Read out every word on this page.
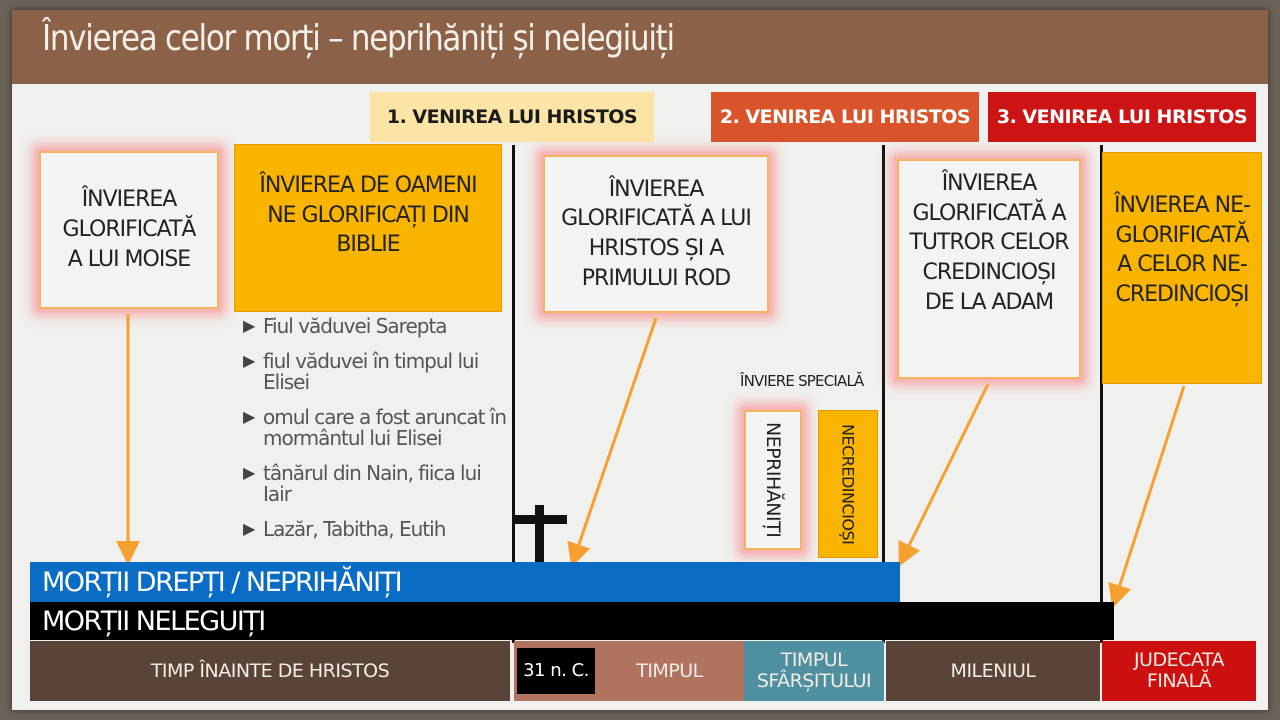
Învierea celor morți – neprihăniți și nelegiuiți
1. VENIREA LUI HRISTOS	2. VENIREA LUI HRISTOS	3. VENIREA LUI HRISTOS
ÎNVIEREA GLORIFICATĂ A LUI MOISE
ÎNVIEREA DE OAMENI NE GLORIFICAȚI DIN BIBLIE
ÎNVIEREA GLORIFICATĂ A LUI HRISTOS ȘI A PRIMULUI ROD
ÎNVIEREA GLORIFICATĂ A TUTROR CELOR CREDINCIOȘI DE LA ADAM
ÎNVIEREA NE-GLORIFICATĂ A CELOR NE-CREDINCIOȘI
▶ Fiul văduvei Sarepta
▶ fiul văduvei în timpul lui Elisei
▶ omul care a fost aruncat în mormântul lui Elisei
▶ tânărul din Nain, fiica lui Iair
▶ Lazăr, Tabitha, Eutih
ÎNVIERE SPECIALĂ
NEPRIHĂNIȚI	NECREDINCIOȘI
MORȚII DREPȚI / NEPRIHĂNIȚI
MORȚII NELEGUIȚI
TIMP ÎNAINTE DE HRISTOS	31 n. C.	TIMPUL	TIMPUL SFÂRȘITULUI	MILENIUL	JUDECATA FINALĂ
